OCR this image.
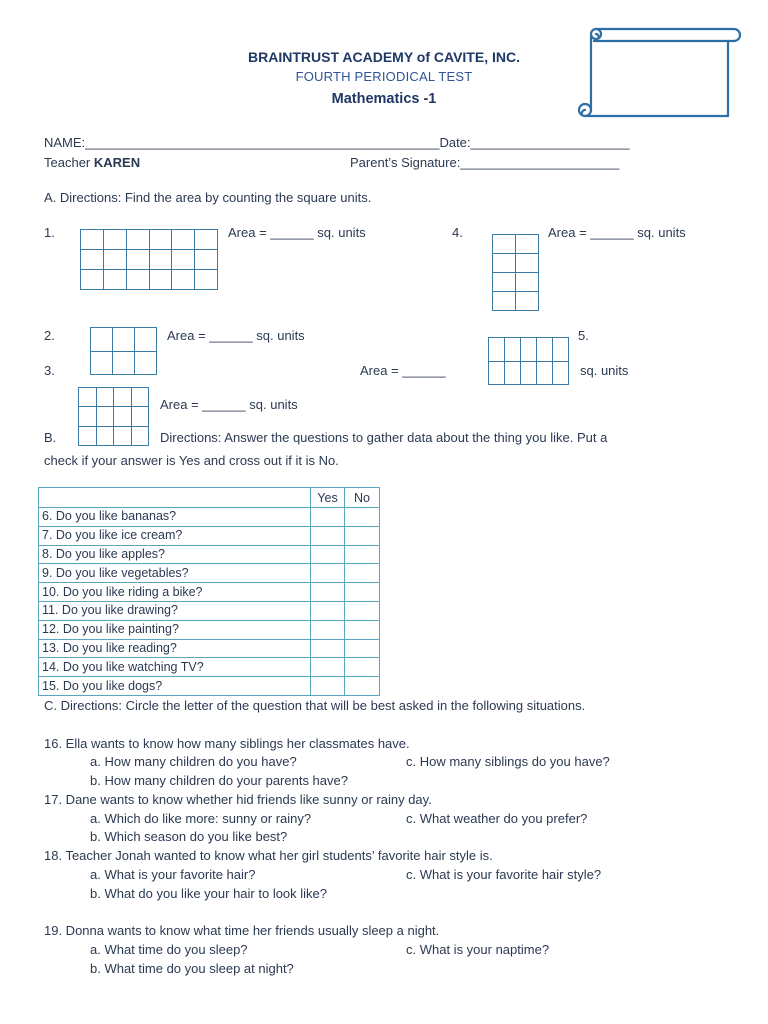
BRAINTRUST ACADEMY of CAVITE, INC.
FOURTH PERIODICAL TEST
Mathematics -1
NAME:_________________________________________________Date:______________________
Teacher KAREN	Parent’s Signature:______________________
A. Directions: Find the area by counting the square units.
1.	Area = ______ sq. units	4.	Area = ______ sq. units
2.	Area = ______ sq. units	5.
Area = ______	sq. units
3.
Area = ______ sq. units
B.	Directions: Answer the questions to gather data about the thing you like. Put a
check if your answer is Yes and cross out if it is No.
	Yes	No
6. Do you like bananas?		
7. Do you like ice cream?		
8. Do you like apples?		
9. Do you like vegetables?		
10. Do you like riding a bike?		
11. Do you like drawing?		
12. Do you like painting?		
13. Do you like reading?		
14. Do you like watching TV?		
15. Do you like dogs?		
C. Directions: Circle the letter of the question that will be best asked in the following situations.
16. Ella wants to know how many siblings her classmates have.
a. How many children do you have?	c. How many siblings do you have?
b. How many children do your parents have?
17. Dane wants to know whether hid friends like sunny or rainy day.
a. Which do like more: sunny or rainy?	c. What weather do you prefer?
b. Which season do you like best?
18. Teacher Jonah wanted to know what her girl students’ favorite hair style is.
a. What is your favorite hair?	c. What is your favorite hair style?
b. What do you like your hair to look like?
19. Donna wants to know what time her friends usually sleep a night.
a. What time do you sleep?	c. What is your naptime?
b. What time do you sleep at night?
